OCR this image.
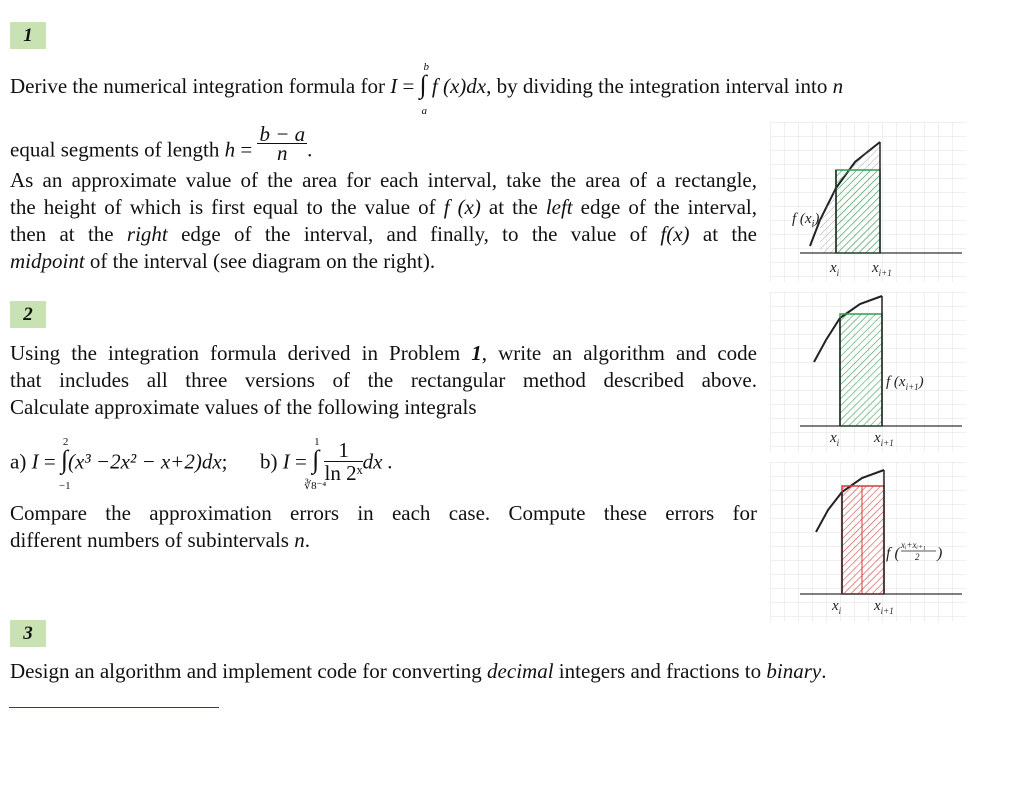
1
Derive the numerical integration formula for I = ∫
b
a
f (x)dx, by dividing the integration interval into n
equal segments of length $h = \frac{b - a}{n}$ .
As an approximate value of the area for each interval, take the area of a rectangle,
the height of which is first equal to the value of f (x) at the left edge of the interval,
then at the right edge of the interval, and finally, to the value of f(x) at the
midpoint of the interval (see diagram on the right).
2
Using the integration formula derived in Problem 1, write an algorithm and code
that includes all three versions of the rectangular method described above.
Calculate approximate values of the following integrals
a) I = ∫
2
−1
(x³ −2x² − x+2)dx; b) I = ∫
1
∛8⁻⁴

$\frac{1}{\text{ln 2ˣ}}$ dx .
Compare the approximation errors in each case. Compute these errors for
different numbers of subintervals n.
3
Design an algorithm and implement code for converting decimal integers and fractions to binary.
f $(x_i)$
$x_i$ $x_{i+1}$
f $(x_{i+1})$
$x_i$ $x_{i+1}$
f ( xᵢ+xᵢ₊₁
2 )
$x_i$ $x_{i+1}$
